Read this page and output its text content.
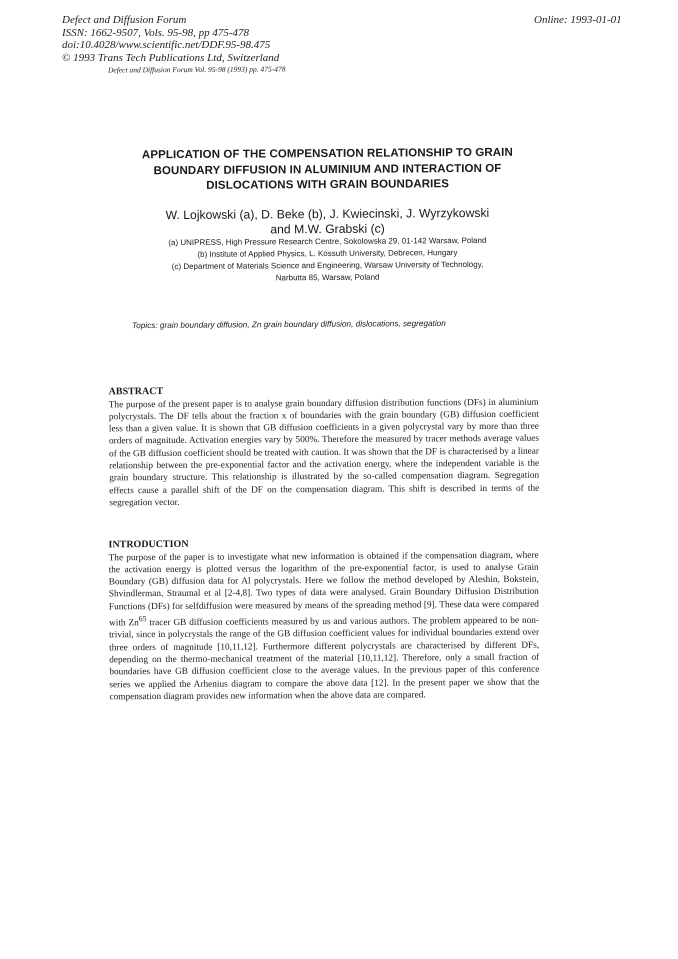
Defect and Diffusion Forum
ISSN: 1662-9507, Vols. 95-98, pp 475-478
doi:10.4028/www.scientific.net/DDF.95-98.475
© 1993 Trans Tech Publications Ltd, Switzerland
Online: 1993-01-01
Defect and Diffusion Forum Vol. 95-98 (1993) pp. 475-478
APPLICATION OF THE COMPENSATION RELATIONSHIP TO GRAIN
BOUNDARY DIFFUSION IN ALUMINIUM AND INTERACTION OF
DISLOCATIONS WITH GRAIN BOUNDARIES
W. Lojkowski (a), D. Beke (b), J. Kwiecinski, J. Wyrzykowski
and M.W. Grabski (c)
(a) UNIPRESS, High Pressure Research Centre, Sokolowska 29, 01-142 Warsaw, Poland
(b) Institute of Applied Physics, L. Kossuth University, Debrecen, Hungary
(c) Department of Materials Science and Engineering, Warsaw University of Technology,
Narbutta 85, Warsaw, Poland
Topics: grain boundary diffusion, Zn grain boundary diffusion, dislocations, segregation
ABSTRACT

The purpose of the present paper is to analyse grain boundary diffusion distribution functions (DFs) in aluminium polycrystals. The DF tells about the fraction x of boundaries with the grain boundary (GB) diffusion coefficient less than a given value. It is shown that GB diffusion coefficients in a given polycrystal vary by more than three orders of magnitude. Activation energies vary by 500%. Therefore the measured by tracer methods average values of the GB diffusion coefficient should be treated with caution. It was shown that the DF is characterised by a linear relationship between the pre-exponential factor and the activation energy, where the independent variable is the grain boundary structure. This relationship is illustrated by the so-called compensation diagram. Segregation effects cause a parallel shift of the DF on the compensation diagram. This shift is described in terms of the segregation vector.

INTRODUCTION

The purpose of the paper is to investigate what new information is obtained if the compensation diagram, where the activation energy is plotted versus the logarithm of the pre-exponential factor, is used to analyse Grain Boundary (GB) diffusion data for Al polycrystals. Here we follow the method developed by Aleshin, Bokstein, Shvindlerman, Straumal et al [2-4,8]. Two types of data were analysed. Grain Boundary Diffusion Distribution Functions (DFs) for selfdiffusion were measured by means of the spreading method [9]. These data were compared with Zn$^{65}$ tracer GB diffusion coefficients measured by us and various authors. The problem appeared to be non-trivial, since in polycrystals the range of the GB diffusion coefficient values for individual boundaries extend over three orders of magnitude [10,11,12]. Furthermore different polycrystals are characterised by different DFs, depending on the thermo-mechanical treatment of the material [10,11,12]. Therefore, only a small fraction of boundaries have GB diffusion coefficient close to the average values. In the previous paper of this conference series we applied the Arhenius diagram to compare the above data [12]. In the present paper we show that the compensation diagram provides new information when the above data are compared.
